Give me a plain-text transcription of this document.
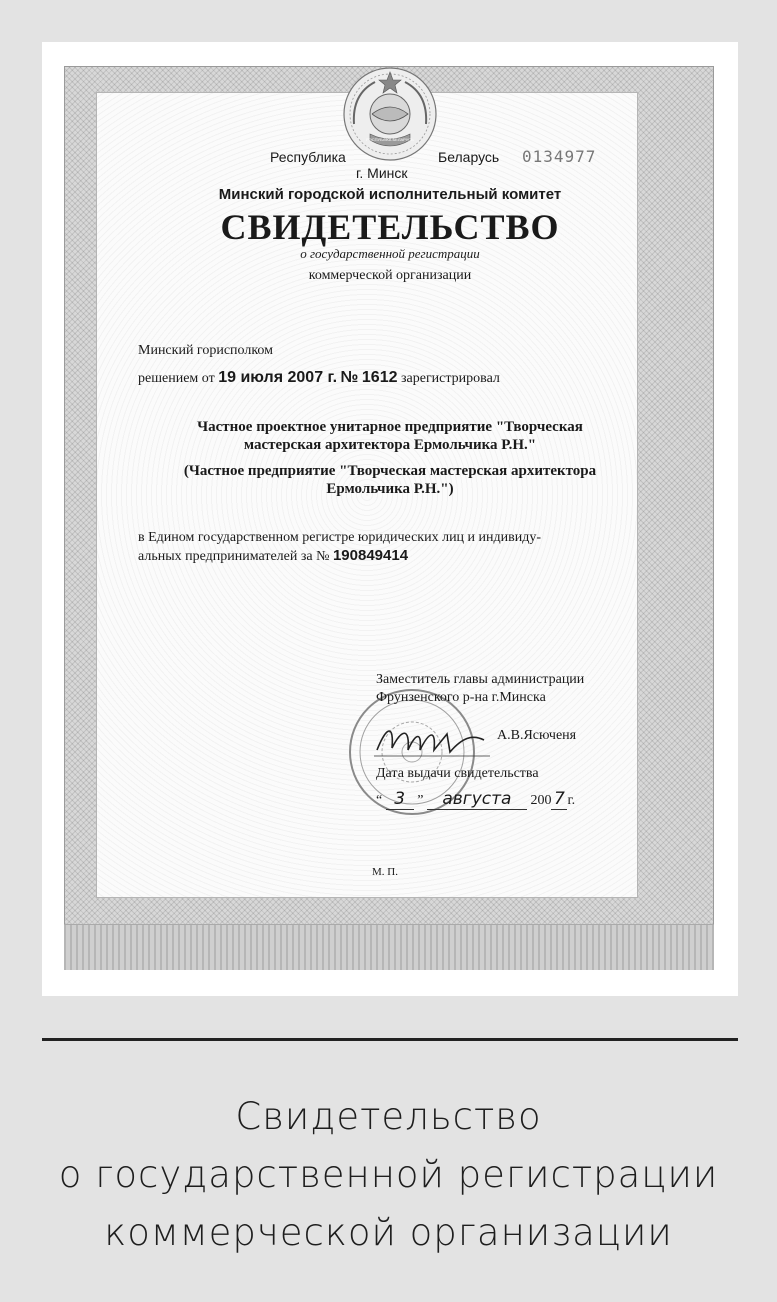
РЭСПУБЛІКА БЕЛАРУСЬ
Республика	Беларусь 0134977
г. Минск
Минский городской исполнительный комитет
СВИДЕТЕЛЬСТВО
о государственной регистрации
коммерческой организации
Минский горисполком
решением от 19 июля 2007 г. № 1612 зарегистрировал
Частное проектное унитарное предприятие "Творческая
мастерская архитектора Ермольчика Р.Н."
(Частное предприятие "Творческая мастерская архитектора
Ермольчика Р.Н.")
в Едином государственном регистре юридических лиц и индивиду-
альных предпринимателей за № 190849414
Заместитель главы администрации
Фрунзенского р-на г.Минска
А.В.Ясюченя
Дата выдачи свидетельства
“ 3 ” августа 200 7 г.
М. П.
Свидетельство
о государственной регистрации
коммерческой организации
